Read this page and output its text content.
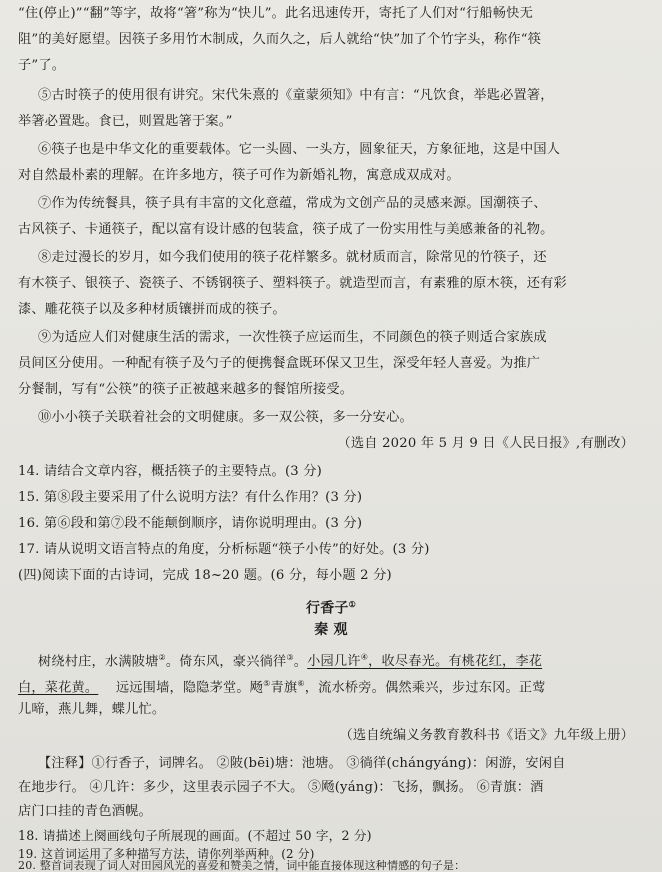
“住(停止)”“翻”等字，故将“箸”称为“快儿”。此名迅速传开，寄托了人们对“行船畅快无
阻”的美好愿望。因筷子多用竹木制成，久而久之，后人就给“快”加了个竹字头，称作“筷
子”了。
⑤古时筷子的使用很有讲究。宋代朱熹的《童蒙须知》中有言：“凡饮食，举匙必置箸，
举箸必置匙。食已，则置匙箸于案。”
⑥筷子也是中华文化的重要载体。它一头圆、一头方，圆象征天，方象征地，这是中国人
对自然最朴素的理解。在许多地方，筷子可作为新婚礼物，寓意成双成对。
⑦作为传统餐具，筷子具有丰富的文化意蕴，常成为文创产品的灵感来源。国潮筷子、
古风筷子、卡通筷子，配以富有设计感的包装盒，筷子成了一份实用性与美感兼备的礼物。
⑧走过漫长的岁月，如今我们使用的筷子花样繁多。就材质而言，除常见的竹筷子，还
有木筷子、银筷子、瓷筷子、不锈钢筷子、塑料筷子。就造型而言，有素雅的原木筷，还有彩
漆、雕花筷子以及多种材质镶拼而成的筷子。
⑨为适应人们对健康生活的需求，一次性筷子应运而生，不同颜色的筷子则适合家族成
员间区分使用。一种配有筷子及勺子的便携餐盒既环保又卫生，深受年轻人喜爱。为推广
分餐制，写有“公筷”的筷子正被越来越多的餐馆所接受。
⑩小小筷子关联着社会的文明健康。多一双公筷，多一分安心。
（选自 2020 年 5 月 9 日《人民日报》,有删改）
14. 请结合文章内容，概括筷子的主要特点。(3 分)
15. 第⑧段主要采用了什么说明方法？有什么作用？(3 分)
16. 第⑥段和第⑦段不能颠倒顺序，请你说明理由。(3 分)
17. 请从说明文语言特点的角度，分析标题“筷子小传”的好处。(3 分)
(四)阅读下面的古诗词，完成 18~20 题。(6 分，每小题 2 分)
行香子①
秦 观
树绕村庄，水满陂塘②。倚东风，豪兴徜徉③。小园几许④，收尽春光。有桃花红，李花
白，菜花黄。 远远围墙，隐隐茅堂。飏⑤青旗⑥，流水桥旁。偶然乘兴，步过东冈。正莺
儿啼，燕儿舞，蝶儿忙。
（选自统编义务教育教科书《语文》九年级上册）
【注释】①行香子，词牌名。 ②陂(bēi)塘：池塘。 ③徜徉(chángyáng)：闲游，安闲自
在地步行。 ④几许：多少，这里表示园子不大。 ⑤飏(yáng)：飞扬，飘扬。 ⑥青旗：酒
店门口挂的青色酒幌。
18. 请描述上阕画线句子所展现的画面。(不超过 50 字，2 分)
19. 这首词运用了多种描写方法，请你列举两种。(2 分)
20. 整首词表现了词人对田园风光的喜爱和赞美之情，词中能直接体现这种情感的句子是：
